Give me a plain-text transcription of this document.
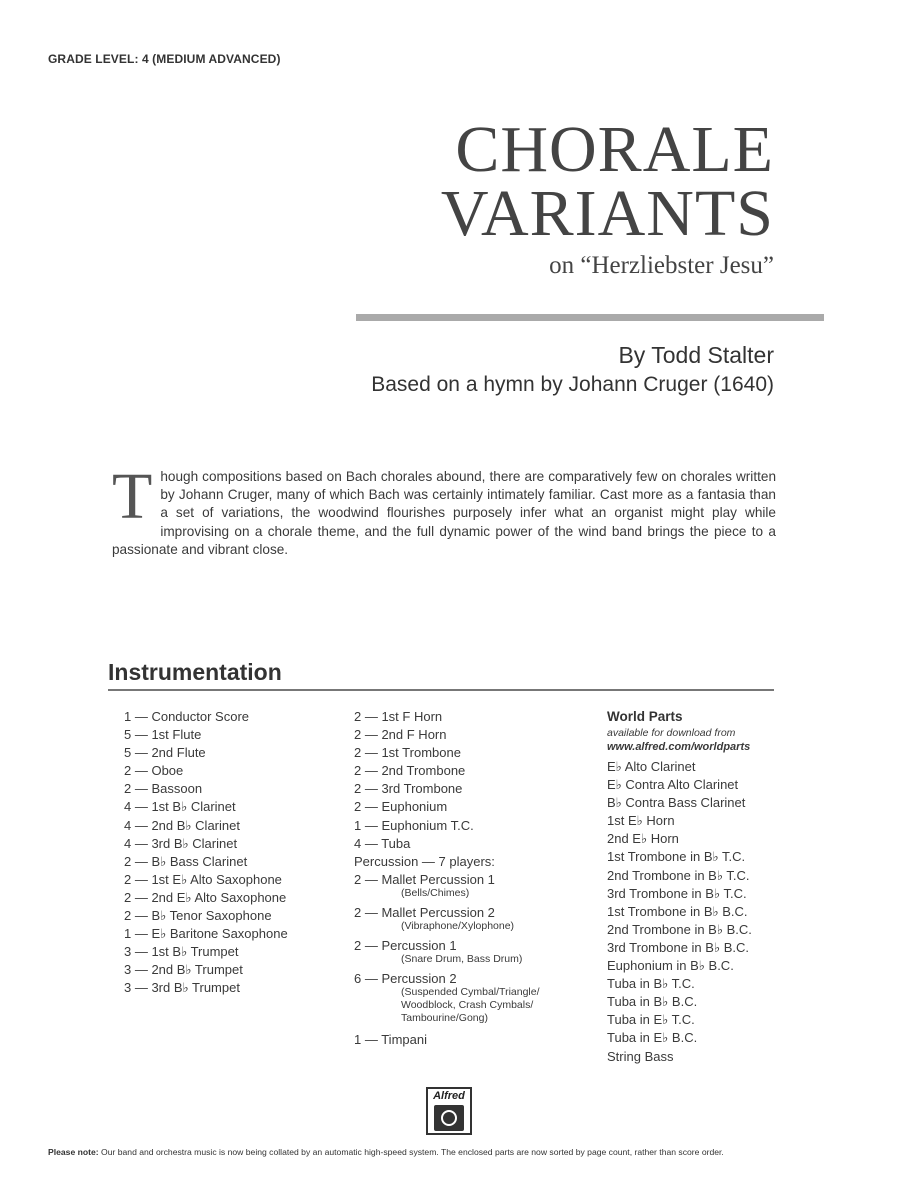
GRADE LEVEL: 4 (MEDIUM ADVANCED)
CHORALE
VARIANTS
on “Herzliebster Jesu”
By Todd Stalter
Based on a hymn by Johann Cruger (1640)
Though compositions based on Bach chorales abound, there are comparatively few on chorales written by Johann Cruger, many of which Bach was certainly intimately familiar. Cast more as a fantasia than a set of variations, the woodwind flourishes purposely infer what an organist might play while improvising on a chorale theme, and the full dynamic power of the wind band brings the piece to a passionate and vibrant close.
Instrumentation
1 — Conductor Score
5 — 1st Flute
5 — 2nd Flute
2 — Oboe
2 — Bassoon
4 — 1st B♭ Clarinet
4 — 2nd B♭ Clarinet
4 — 3rd B♭ Clarinet
2 — B♭ Bass Clarinet
2 — 1st E♭ Alto Saxophone
2 — 2nd E♭ Alto Saxophone
2 — B♭ Tenor Saxophone
1 — E♭ Baritone Saxophone
3 — 1st B♭ Trumpet
3 — 2nd B♭ Trumpet
3 — 3rd B♭ Trumpet
2 — 1st F Horn
2 — 2nd F Horn
2 — 1st Trombone
2 — 2nd Trombone
2 — 3rd Trombone
2 — Euphonium
1 — Euphonium T.C.
4 — Tuba
Percussion — 7 players:
2 — Mallet Percussion 1
(Bells/Chimes)
2 — Mallet Percussion 2
(Vibraphone/Xylophone)
2 — Percussion 1
(Snare Drum, Bass Drum)
6 — Percussion 2
(Suspended Cymbal/Triangle/
Woodblock, Crash Cymbals/
Tambourine/Gong)
1 — Timpani
World Parts
available for download from
www.alfred.com/worldparts
E♭ Alto Clarinet
E♭ Contra Alto Clarinet
B♭ Contra Bass Clarinet
1st E♭ Horn
2nd E♭ Horn
1st Trombone in B♭ T.C.
2nd Trombone in B♭ T.C.
3rd Trombone in B♭ T.C.
1st Trombone in B♭ B.C.
2nd Trombone in B♭ B.C.
3rd Trombone in B♭ B.C.
Euphonium in B♭ B.C.
Tuba in B♭ T.C.
Tuba in B♭ B.C.
Tuba in E♭ T.C.
Tuba in E♭ B.C.
String Bass
Alfred
Please note: Our band and orchestra music is now being collated by an automatic high-speed system. The enclosed parts are now sorted by page count, rather than score order.
